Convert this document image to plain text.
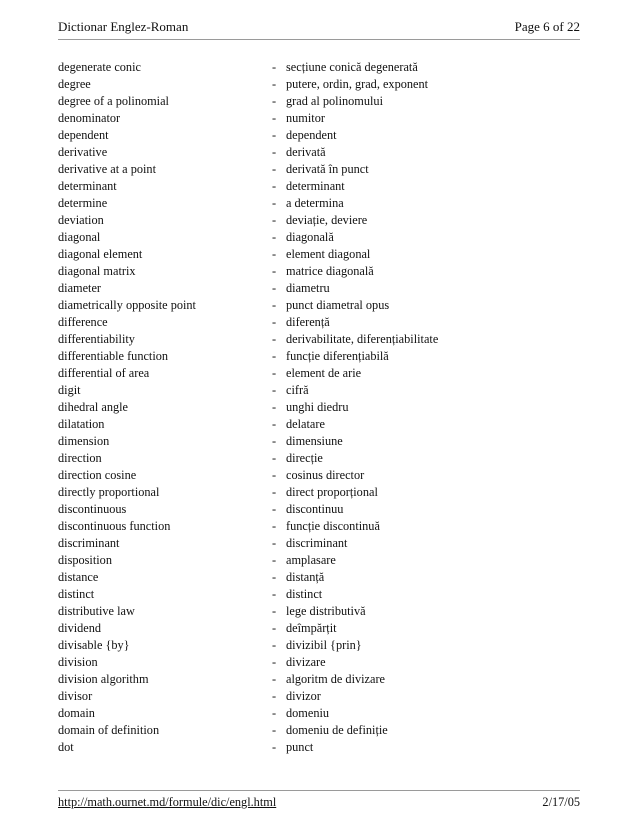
Dictionar Englez-Roman	Page 6 of 22
degenerate conic	- secțiune conică degenerată
degree	- putere, ordin, grad, exponent
degree of a polinomial	- grad al polinomului
denominator	- numitor
dependent	- dependent
derivative	- derivată
derivative at a point	- derivată în punct
determinant	- determinant
determine	- a determina
deviation	- deviație, deviere
diagonal	- diagonală
diagonal element	- element diagonal
diagonal matrix	- matrice diagonală
diameter	- diametru
diametrically opposite point	- punct diametral opus
difference	- diferență
differentiability	- derivabilitate, diferențiabilitate
differentiable function	- funcție diferențiabilă
differential of area	- element de arie
digit	- cifră
dihedral angle	- unghi diedru
dilatation	- delatare
dimension	- dimensiune
direction	- direcție
direction cosine	- cosinus director
directly proportional	- direct proporțional
discontinuous	- discontinuu
discontinuous function	- funcție discontinuă
discriminant	- discriminant
disposition	- amplasare
distance	- distanță
distinct	- distinct
distributive law	- lege distributivă
dividend	- deîmpărțit
divisable {by}	- divizibil {prin}
division	- divizare
division algorithm	- algoritm de divizare
divisor	- divizor
domain	- domeniu
domain of definition	- domeniu de definiție
dot	- punct
http://math.ournet.md/formule/dic/engl.html	2/17/05
